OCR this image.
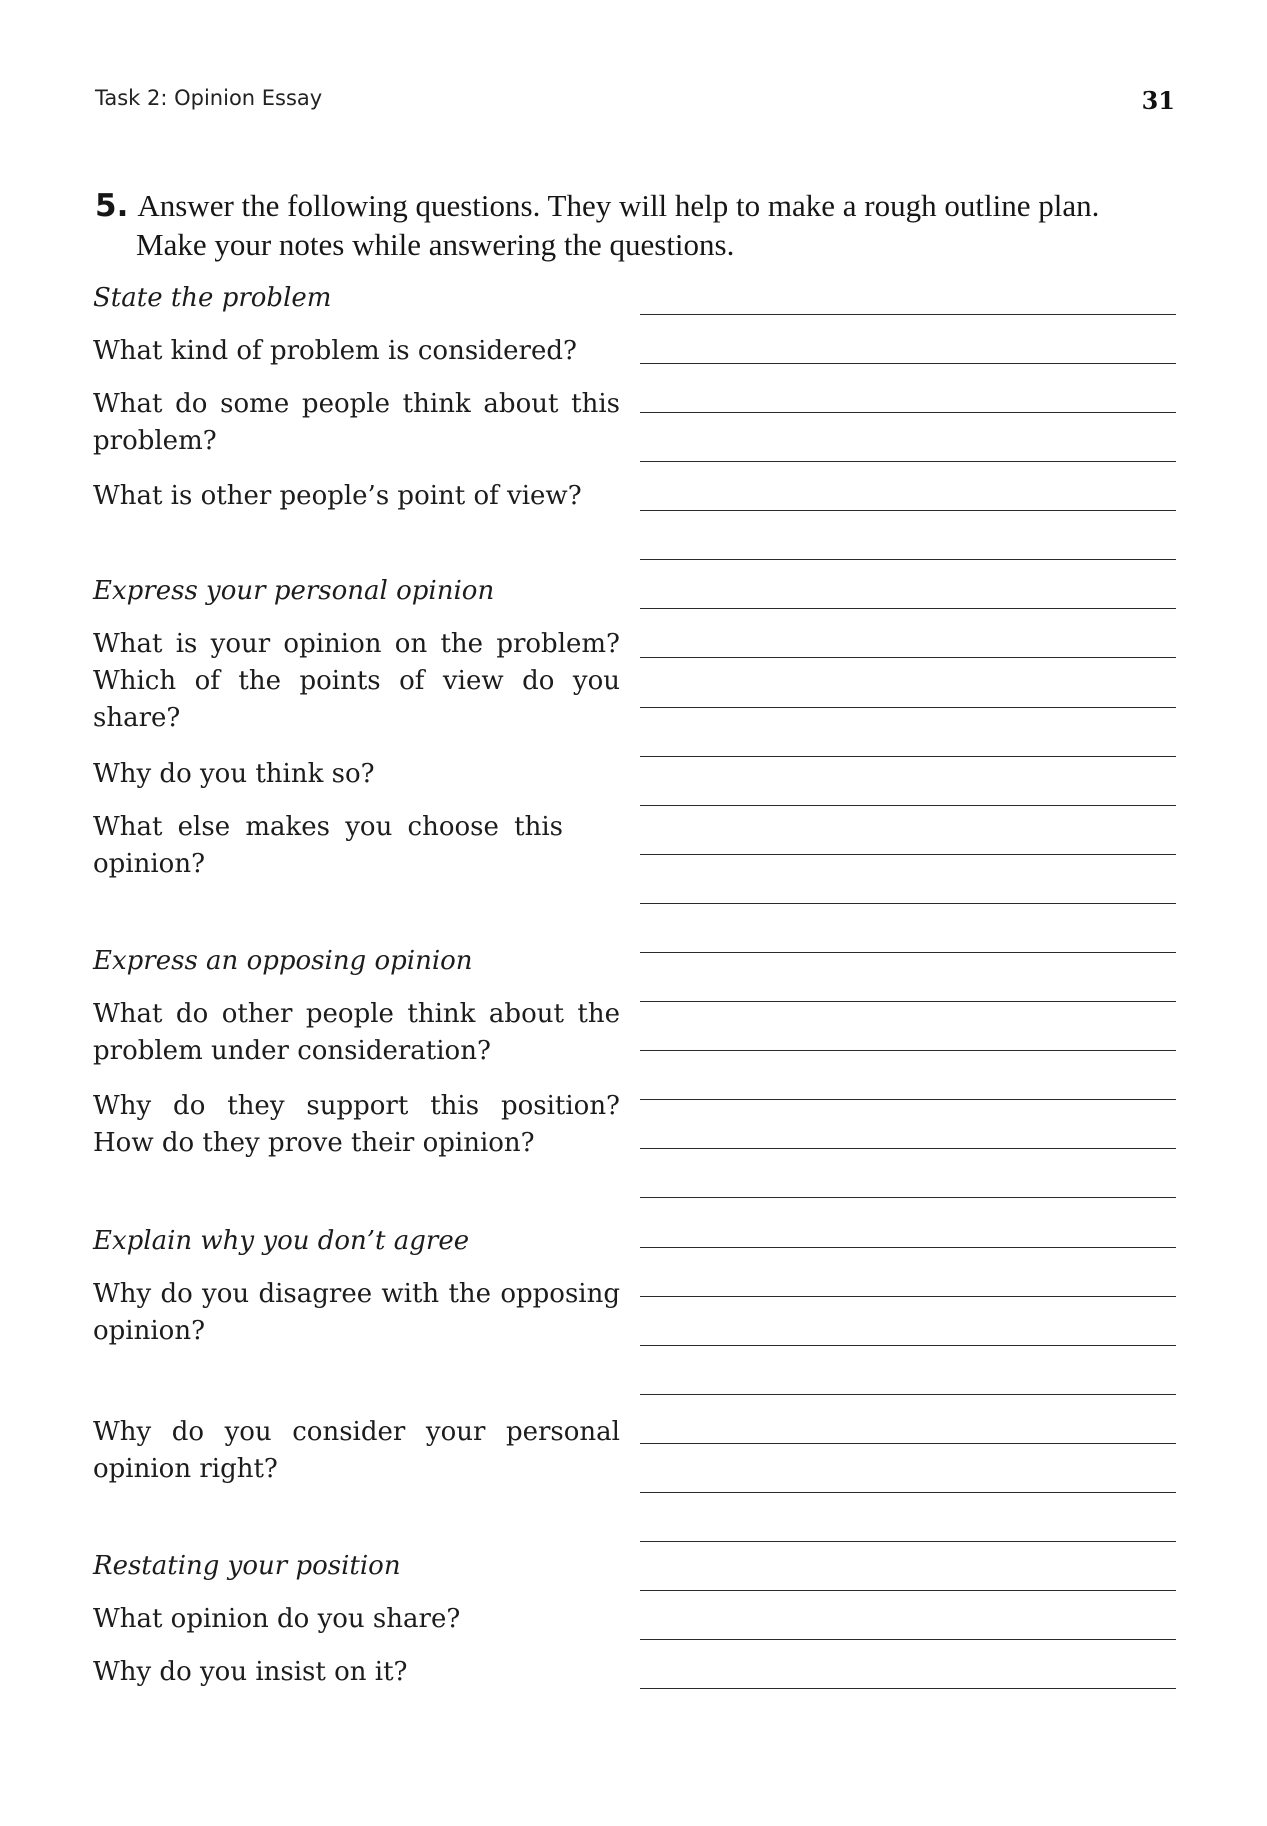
Task 2: Opinion Essay	31
5. Answer the following questions. They will help to make a rough outline plan.
Make your notes while answering the questions.

State the problem

What kind of problem is considered?

What do some people think about this problem?

What is other people’s point of view?

Express your personal opinion

What is your opinion on the problem? Which of the points of view do you share?

Why do you think so?

What else makes you choose this opinion?

Express an opposing opinion

What do other people think about the problem under consideration?

Why do they support this position? How do they prove their opinion?

Explain why you don’t agree

Why do you disagree with the opposing opinion?

Why do you consider your personal opinion right?

Restating your position

What opinion do you share?

Why do you insist on it?
